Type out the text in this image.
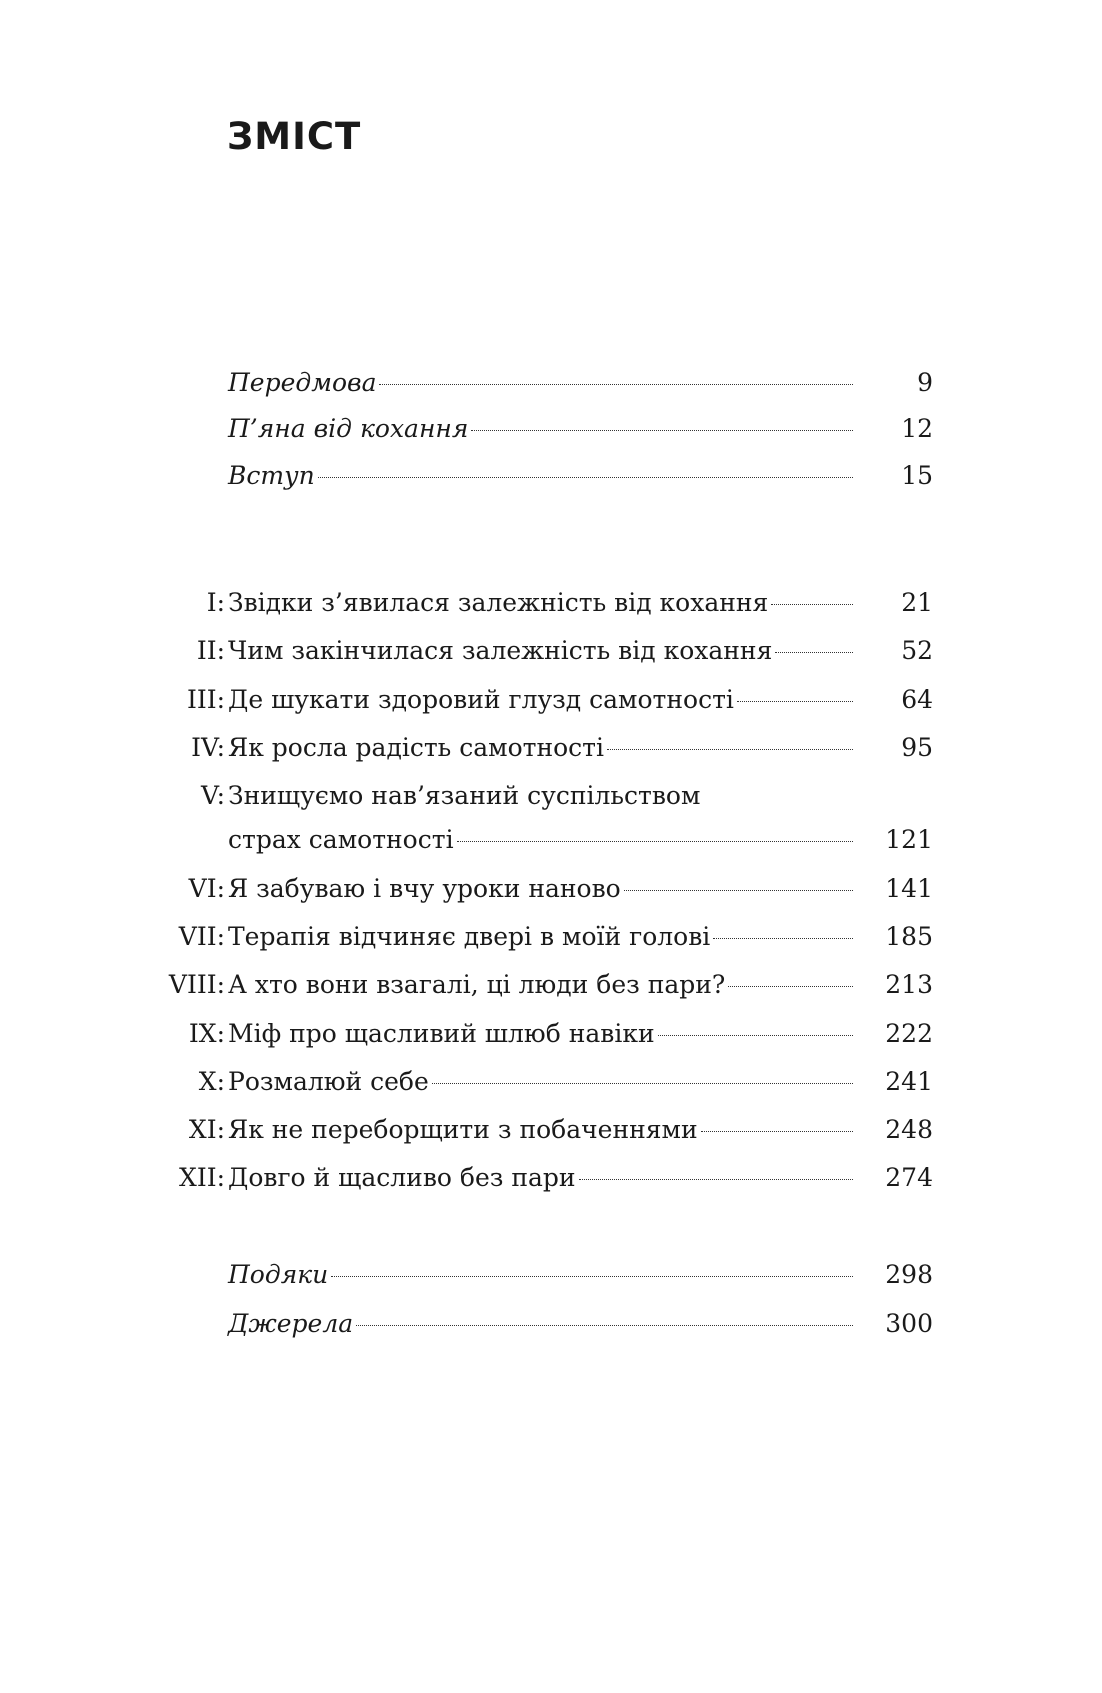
ЗМІСТ
Передмова	9
П’яна від кохання	12
Вступ	15
I: Звідки з’явилася залежність від кохання	21
II: Чим закінчилася залежність від кохання	52
III: Де шукати здоровий глузд самотності	64
IV: Як росла радість самотності	95
V: Знищуємо нав’язаний суспільством
страх самотності	121
VI: Я забуваю і вчу уроки наново	141
VII: Терапія відчиняє двері в моїй голові	185
VIII: А хто вони взагалі, ці люди без пари?	213
IX: Міф про щасливий шлюб навіки	222
X: Розмалюй себе	241
XI: Як не переборщити з побаченнями	248
XII: Довго й щасливо без пари	274
Подяки	298
Джерела	300
